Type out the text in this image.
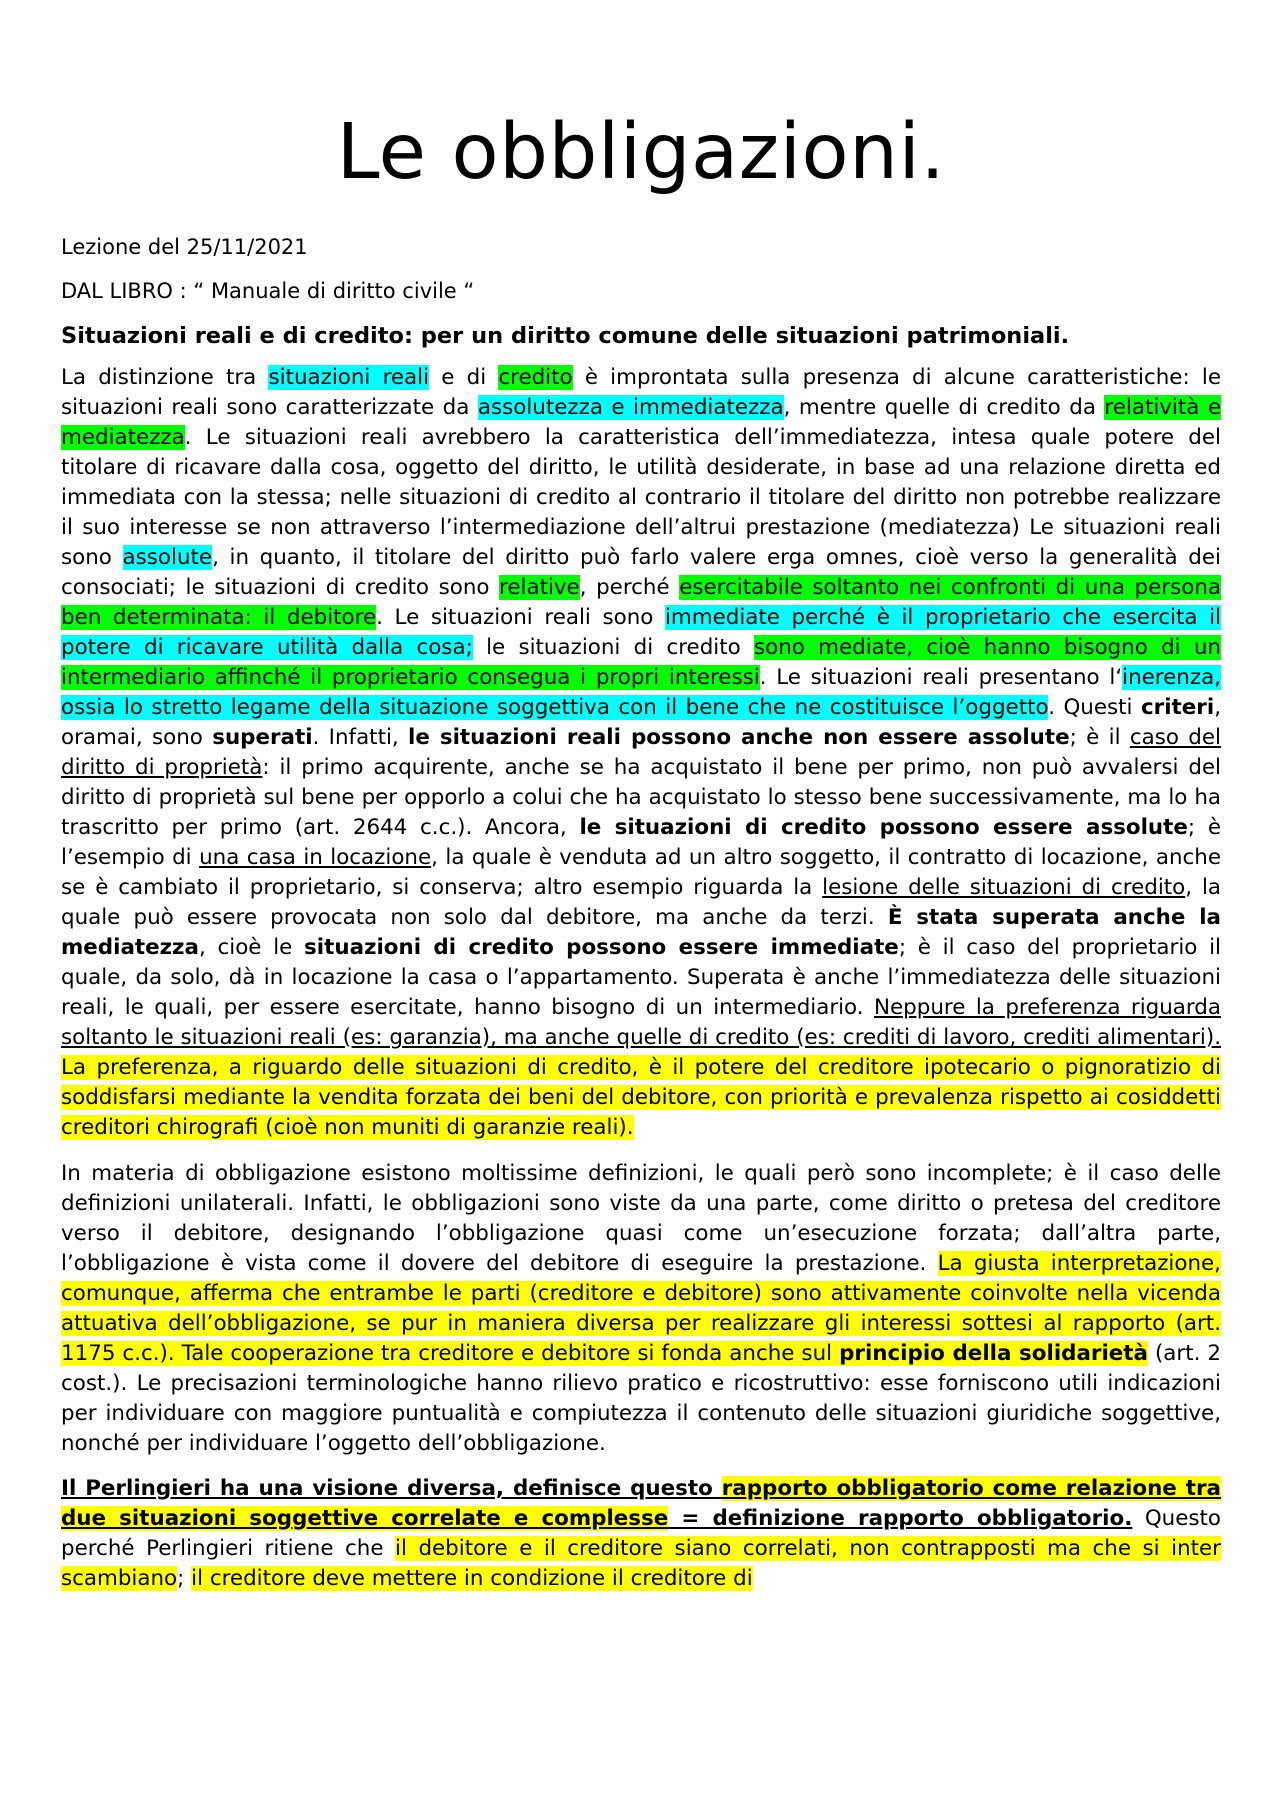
Le obbligazioni.

Lezione del 25/11/2021

DAL LIBRO : “ Manuale di diritto civile “

Situazioni reali e di credito: per un diritto comune delle situazioni patrimoniali.

La distinzione tra situazioni reali e di credito è improntata sulla presenza di alcune caratteristiche: le situazioni reali sono caratterizzate da assolutezza e immediatezza, mentre quelle di credito da relatività e mediatezza. Le situazioni reali avrebbero la caratteristica dell’immediatezza, intesa quale potere del titolare di ricavare dalla cosa, oggetto del diritto, le utilità desiderate, in base ad una relazione diretta ed immediata con la stessa; nelle situazioni di credito al contrario il titolare del diritto non potrebbe realizzare il suo interesse se non attraverso l’intermediazione dell’altrui prestazione (mediatezza) Le situazioni reali sono assolute, in quanto, il titolare del diritto può farlo valere erga omnes, cioè verso la generalità dei consociati; le situazioni di credito sono relative, perché esercitabile soltanto nei confronti di una persona ben determinata: il debitore. Le situazioni reali sono immediate perché è il proprietario che esercita il potere di ricavare utilità dalla cosa; le situazioni di credito sono mediate, cioè hanno bisogno di un intermediario affinché il proprietario consegua i propri interessi. Le situazioni reali presentano l‘inerenza, ossia lo stretto legame della situazione soggettiva con il bene che ne costituisce l’oggetto. Questi criteri, oramai, sono superati. Infatti, le situazioni reali possono anche non essere assolute; è il caso del diritto di proprietà: il primo acquirente, anche se ha acquistato il bene per primo, non può avvalersi del diritto di proprietà sul bene per opporlo a colui che ha acquistato lo stesso bene successivamente, ma lo ha trascritto per primo (art. 2644 c.c.). Ancora, le situazioni di credito possono essere assolute; è l’esempio di una casa in locazione, la quale è venduta ad un altro soggetto, il contratto di locazione, anche se è cambiato il proprietario, si conserva; altro esempio riguarda la lesione delle situazioni di credito, la quale può essere provocata non solo dal debitore, ma anche da terzi. È stata superata anche la mediatezza, cioè le situazioni di credito possono essere immediate; è il caso del proprietario il quale, da solo, dà in locazione la casa o l’appartamento. Superata è anche l’immediatezza delle situazioni reali, le quali, per essere esercitate, hanno bisogno di un intermediario. Neppure la preferenza riguarda soltanto le situazioni reali (es: garanzia), ma anche quelle di credito (es: crediti di lavoro, crediti alimentari). La preferenza, a riguardo delle situazioni di credito, è il potere del creditore ipotecario o pignoratizio di soddisfarsi mediante la vendita forzata dei beni del debitore, con priorità e prevalenza rispetto ai cosiddetti creditori chirografi (cioè non muniti di garanzie reali).

In materia di obbligazione esistono moltissime definizioni, le quali però sono incomplete; è il caso delle definizioni unilaterali. Infatti, le obbligazioni sono viste da una parte, come diritto o pretesa del creditore verso il debitore, designando l’obbligazione quasi come un’esecuzione forzata; dall’altra parte, l’obbligazione è vista come il dovere del debitore di eseguire la prestazione. La giusta interpretazione, comunque, afferma che entrambe le parti (creditore e debitore) sono attivamente coinvolte nella vicenda attuativa dell’obbligazione, se pur in maniera diversa per realizzare gli interessi sottesi al rapporto (art. 1175 c.c.). Tale cooperazione tra creditore e debitore si fonda anche sul principio della solidarietà (art. 2 cost.). Le precisazioni terminologiche hanno rilievo pratico e ricostruttivo: esse forniscono utili indicazioni per individuare con maggiore puntualità e compiutezza il contenuto delle situazioni giuridiche soggettive, nonché per individuare l’oggetto dell’obbligazione.

Il Perlingieri ha una visione diversa, definisce questo rapporto obbligatorio come relazione tra due situazioni soggettive correlate e complesse = definizione rapporto obbligatorio. Questo perché Perlingieri ritiene che il debitore e il creditore siano correlati, non contrapposti ma che si inter scambiano; il creditore deve mettere in condizione il creditore di
